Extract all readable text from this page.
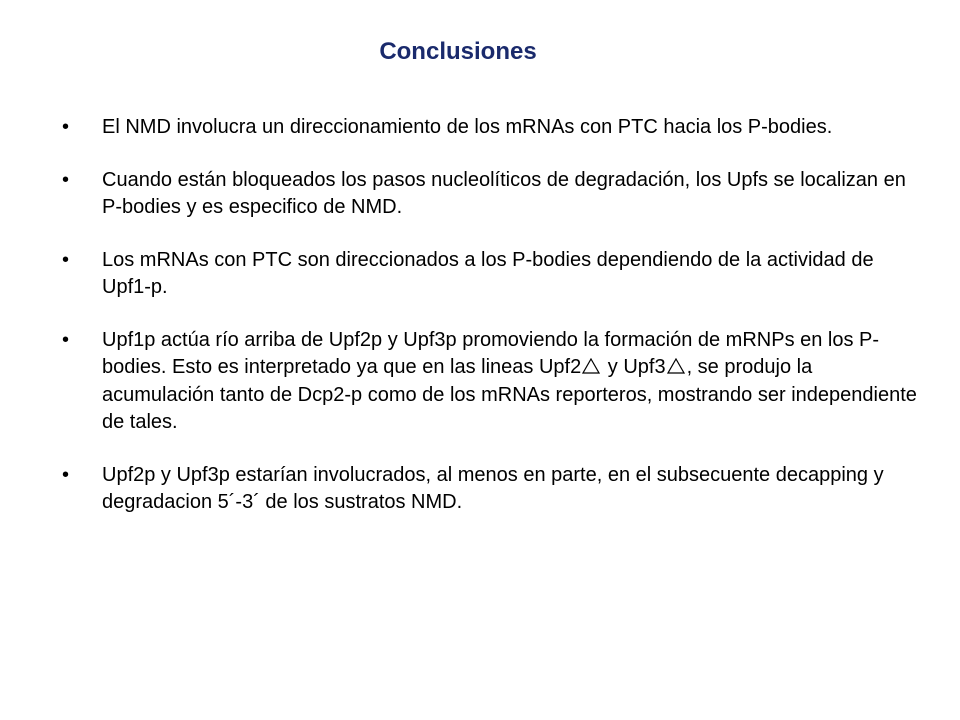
Conclusiones
•	El NMD involucra un direccionamiento de los mRNAs con PTC hacia los P-bodies.
•	Cuando están bloqueados los pasos nucleolíticos de degradación, los Upfs se localizan en P-bodies y es especifico de NMD.
•	Los mRNAs con PTC son direccionados a los P-bodies dependiendo de la actividad de Upf1-p.
•	Upf1p actúa río arriba de Upf2p y Upf3p promoviendo la formación de mRNPs en los P-bodies. Esto es interpretado ya que en las lineas Upf2 y Upf3 , se produjo la acumulación tanto de Dcp2-p como de los mRNAs reporteros, mostrando ser independiente de tales.
•	Upf2p y Upf3p estarían involucrados, al menos en parte, en el subsecuente decapping y degradacion 5´-3´ de los sustratos NMD.
